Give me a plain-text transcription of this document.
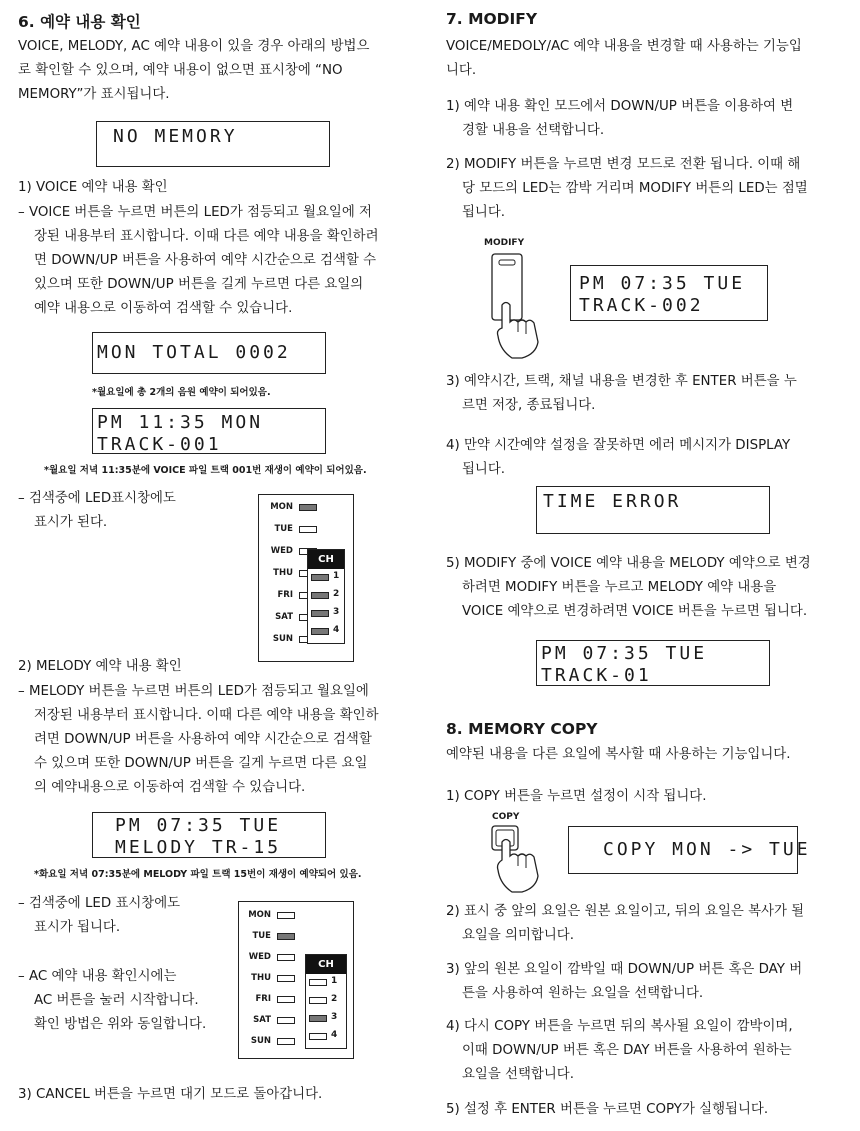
6. 예약 내용 확인
VOICE, MELODY, AC 예약 내용이 있을 경우 아래의 방법으
로 확인할 수 있으며, 예약 내용이 없으면 표시창에 “NO
MEMORY”가 표시됩니다.
NO MEMORY
1) VOICE 예약 내용 확인
– VOICE 버튼을 누르면 버튼의 LED가 점등되고 월요일에 저
장된 내용부터 표시합니다. 이때 다른 예약 내용을 확인하려
면 DOWN/UP 버튼을 사용하여 예약 시간순으로 검색할 수
있으며 또한 DOWN/UP 버튼을 길게 누르면 다른 요일의
예약 내용으로 이동하여 검색할 수 있습니다.
MON TOTAL 0002
*월요일에 총 2개의 음원 예약이 되어있음.
PM 11:35 MON
TRACK-001
*월요일 저녁 11:35분에 VOICE 파일 트랙 001번 재생이 예약이 되어있음.
– 검색중에 LED표시창에도
표시가 된다.
MON
TUE
WED
THU
FRI
SAT
SUN
CH
1
2
3
4
2) MELODY 예약 내용 확인
– MELODY 버튼을 누르면 버튼의 LED가 점등되고 월요일에
저장된 내용부터 표시합니다. 이때 다른 예약 내용을 확인하
려면 DOWN/UP 버튼을 사용하여 예약 시간순으로 검색할
수 있으며 또한 DOWN/UP 버튼을 길게 누르면 다른 요일
의 예약내용으로 이동하여 검색할 수 있습니다.
PM 07:35 TUE
MELODY TR-15
*화요일 저녁 07:35분에 MELODY 파일 트랙 15번이 재생이 예약되어 있음.
– 검색중에 LED 표시창에도
표시가 됩니다.
– AC 예약 내용 확인시에는
AC 버튼을 눌러 시작합니다.
확인 방법은 위와 동일합니다.
MON
TUE
WED
THU
FRI
SAT
SUN
CH
1
2
3
4
3) CANCEL 버튼을 누르면 대기 모드로 돌아갑니다.
7. MODIFY
VOICE/MEDOLY/AC 예약 내용을 변경할 때 사용하는 기능입
니다.
1) 예약 내용 확인 모드에서 DOWN/UP 버튼을 이용하여 변
경할 내용을 선택합니다.
2) MODIFY 버튼을 누르면 변경 모드로 전환 됩니다. 이때 해
당 모드의 LED는 깜박 거리며 MODIFY 버튼의 LED는 점멸
됩니다.
MODIFY
PM 07:35 TUE
TRACK-002
3) 예약시간, 트랙, 채널 내용을 변경한 후 ENTER 버튼을 누
르면 저장, 종료됩니다.
4) 만약 시간예약 설정을 잘못하면 에러 메시지가 DISPLAY
됩니다.
TIME ERROR
5) MODIFY 중에 VOICE 예약 내용을 MELODY 예약으로 변경
하려면 MODIFY 버튼을 누르고 MELODY 예약 내용을
VOICE 예약으로 변경하려면 VOICE 버튼을 누르면 됩니다.
PM 07:35 TUE
TRACK-01
8. MEMORY COPY
예약된 내용을 다른 요일에 복사할 때 사용하는 기능입니다.
1) COPY 버튼을 누르면 설정이 시작 됩니다.
COPY
COPY MON -> TUE
2) 표시 중 앞의 요일은 원본 요일이고, 뒤의 요일은 복사가 될
요일을 의미합니다.
3) 앞의 원본 요일이 깜박일 때 DOWN/UP 버튼 혹은 DAY 버
튼을 사용하여 원하는 요일을 선택합니다.
4) 다시 COPY 버튼을 누르면 뒤의 복사될 요일이 깜박이며,
이때 DOWN/UP 버튼 혹은 DAY 버튼을 사용하여 원하는
요일을 선택합니다.
5) 설정 후 ENTER 버튼을 누르면 COPY가 실행됩니다.
